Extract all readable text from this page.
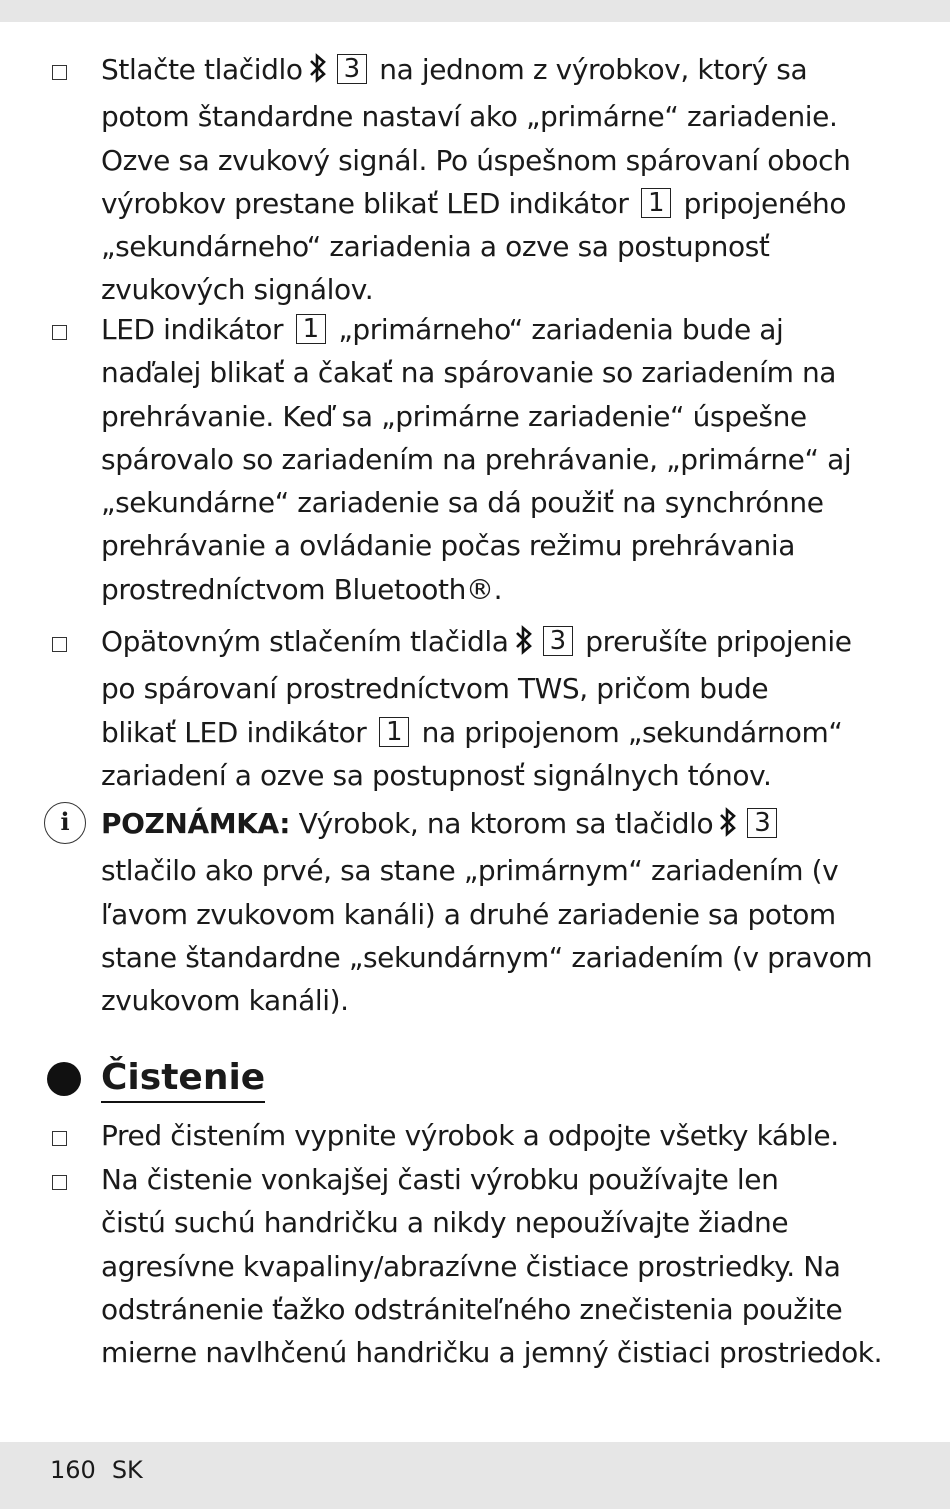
Stlačte tlačidlo 3 na jednom z výrobkov, ktorý sa
potom štandardne nastaví ako „primárne“ zariadenie.
Ozve sa zvukový signál. Po úspešnom spárovaní oboch
výrobkov prestane blikať LED indikátor 1 pripojeného
„sekundárneho“ zariadenia a ozve sa postupnosť
zvukových signálov.
LED indikátor 1 „primárneho“ zariadenia bude aj
naďalej blikať a čakať na spárovanie so zariadením na
prehrávanie. Keď sa „primárne zariadenie“ úspešne
spárovalo so zariadením na prehrávanie, „primárne“ aj
„sekundárne“ zariadenie sa dá použiť na synchrónne
prehrávanie a ovládanie počas režimu prehrávania
prostredníctvom Bluetooth®.
Opätovným stlačením tlačidla 3 prerušíte pripojenie
po spárovaní prostredníctvom TWS, pričom bude
blikať LED indikátor 1 na pripojenom „sekundárnom“
zariadení a ozve sa postupnosť signálnych tónov.
i	POZNÁMKA: Výrobok, na ktorom sa tlačidlo 3
stlačilo ako prvé, sa stane „primárnym“ zariadením (v
ľavom zvukovom kanáli) a druhé zariadenie sa potom
stane štandardne „sekundárnym“ zariadením (v pravom
zvukovom kanáli).
Čistenie
Pred čistením vypnite výrobok a odpojte všetky káble.
Na čistenie vonkajšej časti výrobku používajte len
čistú suchú handričku a nikdy nepoužívajte žiadne
agresívne kvapaliny/abrazívne čistiace prostriedky. Na
odstránenie ťažko odstrániteľného znečistenia použite
mierne navlhčenú handričku a jemný čistiaci prostriedok.
160 SK
